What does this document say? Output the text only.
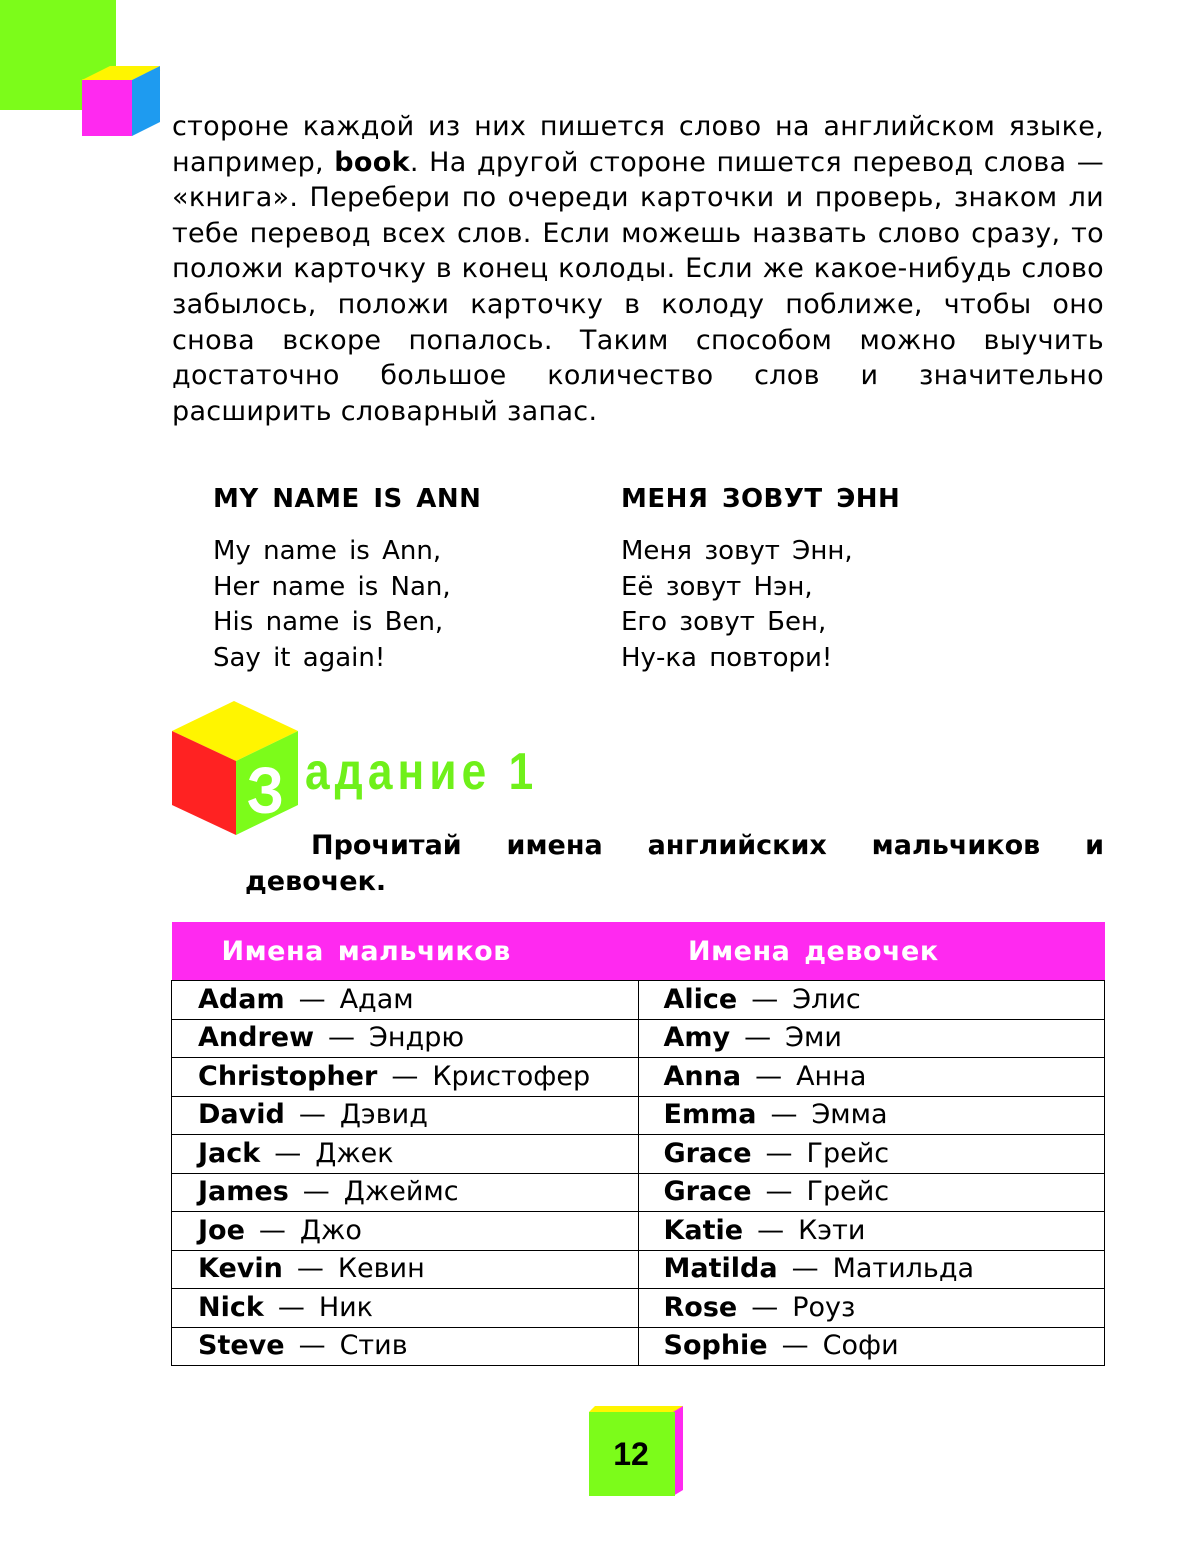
стороне каждой из них пишется слово на английском языке, например, book. На другой стороне пишется перевод слова — «книга». Перебери по очереди карточки и проверь, знаком ли тебе перевод всех слов. Если можешь назвать слово сразу, то положи карточку в конец колоды. Если же какое-нибудь слово забылось, положи карточку в колоду поближе, чтобы оно снова вскоре попалось. Таким способом можно выучить достаточно большое количество слов и значительно расширить словарный запас.

MY NAME IS ANN
My name is Ann,
Her name is Nan,
His name is Ben,
Say it again!
МЕНЯ ЗОВУТ ЭНН
Меня зовут Энн,
Её зовут Нэн,
Его зовут Бен,
Ну-ка повтори!
З адание 1

Прочитай имена английских мальчиков и девочек.

Имена мальчиков	Имена девочек
Adam — Адам	Alice — Элис
Andrew — Эндрю	Amy — Эми
Christopher — Кристофер	Anna — Анна
David — Дэвид	Emma — Эмма
Jack — Джек	Grace — Грейс
James — Джеймс	Grace — Грейс
Joe — Джо	Katie — Кэти
Kevin — Кевин	Matilda — Матильда
Nick — Ник	Rose — Роуз
Steve — Стив	Sophie — Софи
12
